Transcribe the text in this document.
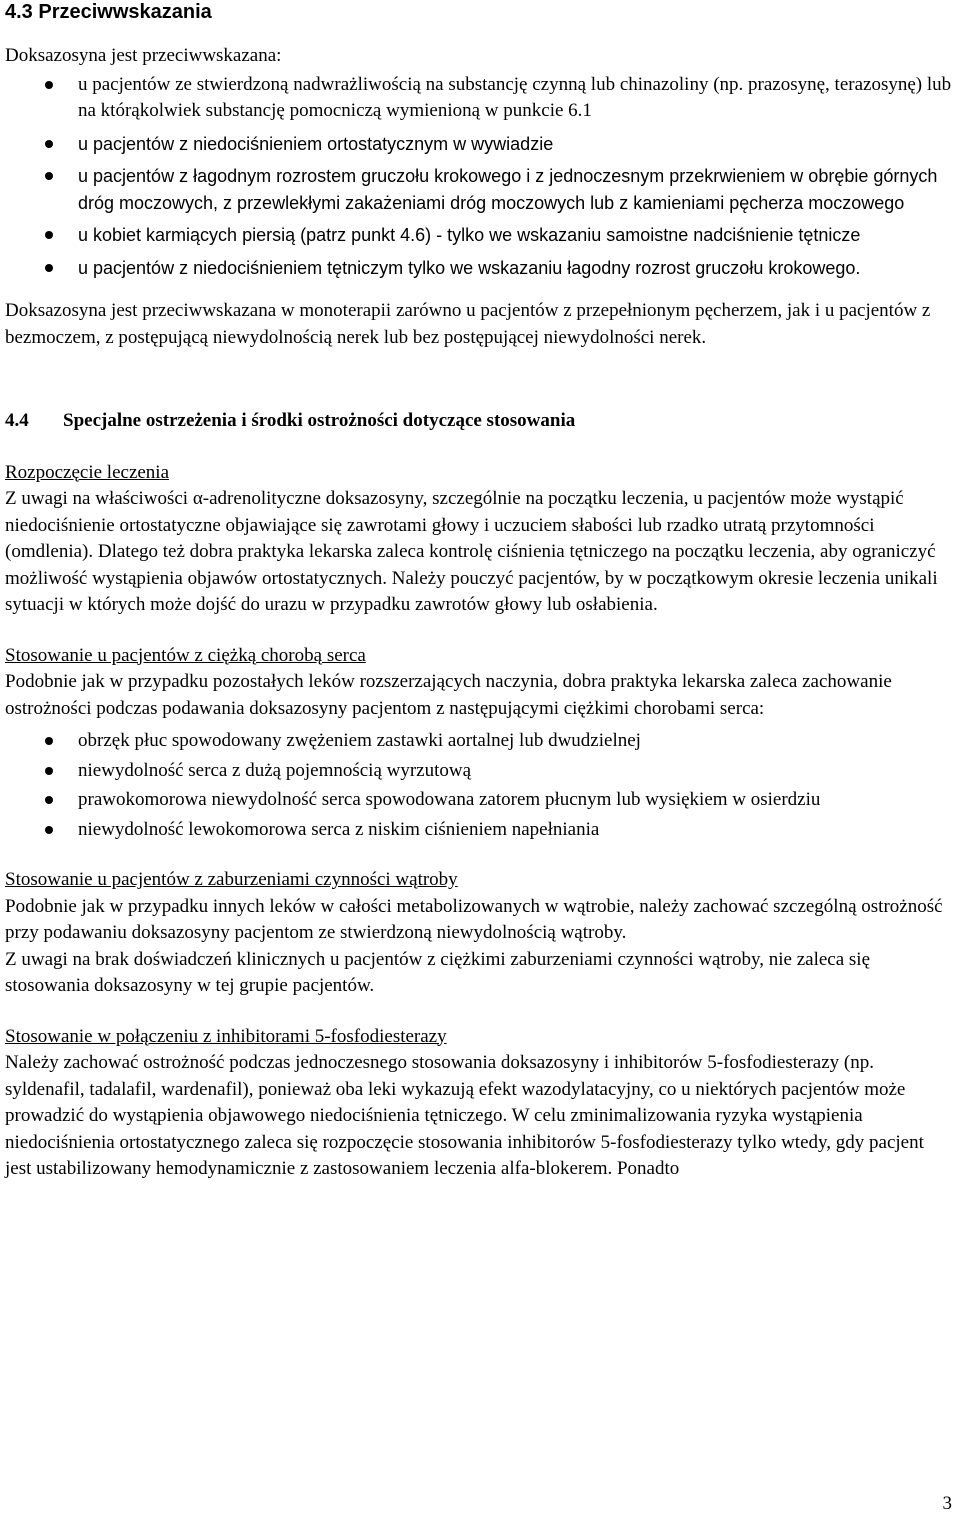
4.3 Przeciwwskazania

Doksazosyna jest przeciwwskazana:

u pacjentów ze stwierdzoną nadwrażliwością na substancję czynną lub chinazoliny (np. prazosynę, terazosynę) lub na którąkolwiek substancję pomocniczą wymienioną w punkcie 6.1
u pacjentów z niedociśnieniem ortostatycznym w wywiadzie
u pacjentów z łagodnym rozrostem gruczołu krokowego i z jednoczesnym przekrwieniem w obrębie górnych dróg moczowych, z przewlekłymi zakażeniami dróg moczowych lub z kamieniami pęcherza moczowego
u kobiet karmiących piersią (patrz punkt 4.6) - tylko we wskazaniu samoistne nadciśnienie tętnicze
u pacjentów z niedociśnieniem tętniczym tylko we wskazaniu łagodny rozrost gruczołu krokowego.

Doksazosyna jest przeciwwskazana w monoterapii zarówno u pacjentów z przepełnionym pęcherzem, jak i u pacjentów z bezmoczem, z postępującą niewydolnością nerek lub bez postępującej niewydolności nerek.

4.4 Specjalne ostrzeżenia i środki ostrożności dotyczące stosowania
Rozpoczęcie leczenia

Z uwagi na właściwości α-adrenolityczne doksazosyny, szczególnie na początku leczenia, u pacjentów może wystąpić niedociśnienie ortostatyczne objawiające się zawrotami głowy i uczuciem słabości lub rzadko utratą przytomności (omdlenia). Dlatego też dobra praktyka lekarska zaleca kontrolę ciśnienia tętniczego na początku leczenia, aby ograniczyć możliwość wystąpienia objawów ortostatycznych. Należy pouczyć pacjentów, by w początkowym okresie leczenia unikali sytuacji w których może dojść do urazu w przypadku zawrotów głowy lub osłabienia.

Stosowanie u pacjentów z ciężką chorobą serca

Podobnie jak w przypadku pozostałych leków rozszerzających naczynia, dobra praktyka lekarska zaleca zachowanie ostrożności podczas podawania doksazosyny pacjentom z następującymi ciężkimi chorobami serca:

obrzęk płuc spowodowany zwężeniem zastawki aortalnej lub dwudzielnej
niewydolność serca z dużą pojemnością wyrzutową
prawokomorowa niewydolność serca spowodowana zatorem płucnym lub wysiękiem w osierdziu
niewydolność lewokomorowa serca z niskim ciśnieniem napełniania
Stosowanie u pacjentów z zaburzeniami czynności wątroby

Podobnie jak w przypadku innych leków w całości metabolizowanych w wątrobie, należy zachować szczególną ostrożność przy podawaniu doksazosyny pacjentom ze stwierdzoną niewydolnością wątroby.

Z uwagi na brak doświadczeń klinicznych u pacjentów z ciężkimi zaburzeniami czynności wątroby, nie zaleca się stosowania doksazosyny w tej grupie pacjentów.

Stosowanie w połączeniu z inhibitorami 5-fosfodiesterazy

Należy zachować ostrożność podczas jednoczesnego stosowania doksazosyny i inhibitorów 5-fosfodiesterazy (np. syldenafil, tadalafil, wardenafil), ponieważ oba leki wykazują efekt wazodylatacyjny, co u niektórych pacjentów może prowadzić do wystąpienia objawowego niedociśnienia tętniczego. W celu zminimalizowania ryzyka wystąpienia niedociśnienia ortostatycznego zaleca się rozpoczęcie stosowania inhibitorów 5-fosfodiesterazy tylko wtedy, gdy pacjent jest ustabilizowany hemodynamicznie z zastosowaniem leczenia alfa-blokerem. Ponadto

3
